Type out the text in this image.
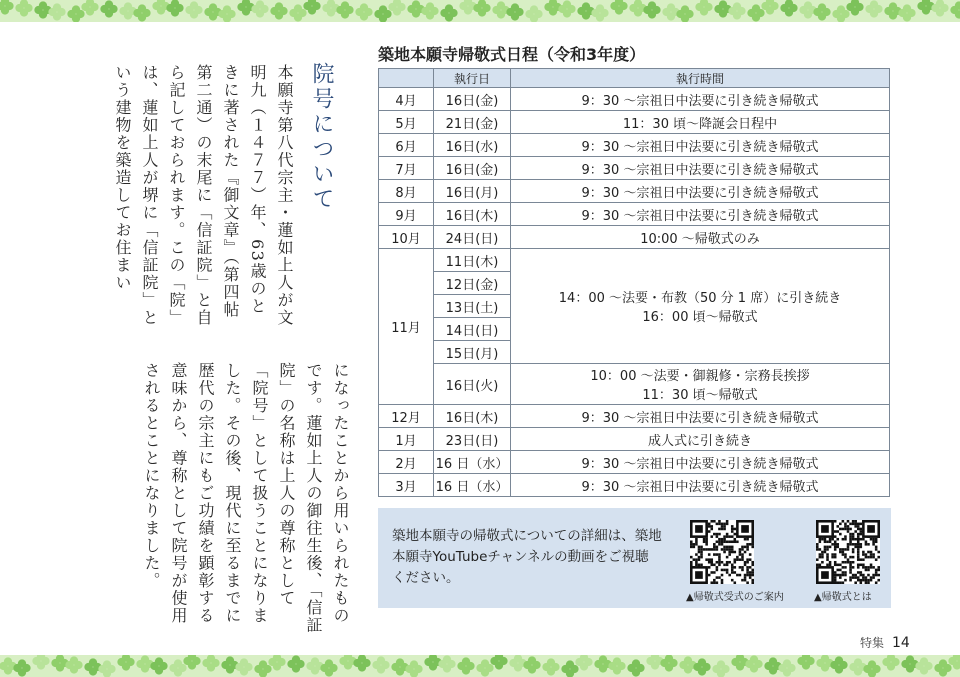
院号について
本願寺第八代宗主・蓮如上人が文明九（１４７７）年、63歳のときに著された『御文章』（第四帖 第二通）の末尾に「信証院」と自ら記しておられます。この「院」は、蓮如上人が堺に「信証院」という建物を築造してお住まい
になったことから用いられたものです。蓮如上人の御往生後、「信証院」の名称は上人の尊称として「院号」として扱うことになりました。その後、現代に至るまでに歴代の宗主にもご功績を顕彰する意味から、尊称として院号が使用されるとことになりました。
築地本願寺帰敬式日程（令和3年度）
	執行日	執行時間
4月	16日(金)	9：30 〜宗祖日中法要に引き続き帰敬式
5月	21日(金)	11：30 頃〜降誕会日程中
6月	16日(水)	9：30 〜宗祖日中法要に引き続き帰敬式
7月	16日(金)	9：30 〜宗祖日中法要に引き続き帰敬式
8月	16日(月)	9：30 〜宗祖日中法要に引き続き帰敬式
9月	16日(木)	9：30 〜宗祖日中法要に引き続き帰敬式
10月	24日(日)	10:00 〜帰敬式のみ
11月	11日(木)	14：00 〜法要・布教（50 分 1 席）に引き続き
16：00 頃〜帰敬式

	12日(金)	
	13日(土)	
	14日(日)	
	15日(月)	
	16日(火)	10：00 〜法要・御親修・宗務長挨拶
11：30 頃〜帰敬式

12月	16日(木)	9：30 〜宗祖日中法要に引き続き帰敬式
1月	23日(日)	成人式に引き続き
2月	16 日（水）	9：30 〜宗祖日中法要に引き続き帰敬式
3月	16 日（水）	9：30 〜宗祖日中法要に引き続き帰敬式
築地本願寺の帰敬式についての詳細は、築地本願寺YouTubeチャンネルの動画をご視聴ください。
▲帰敬式受式のご案内	▲帰敬式とは
特集 14
